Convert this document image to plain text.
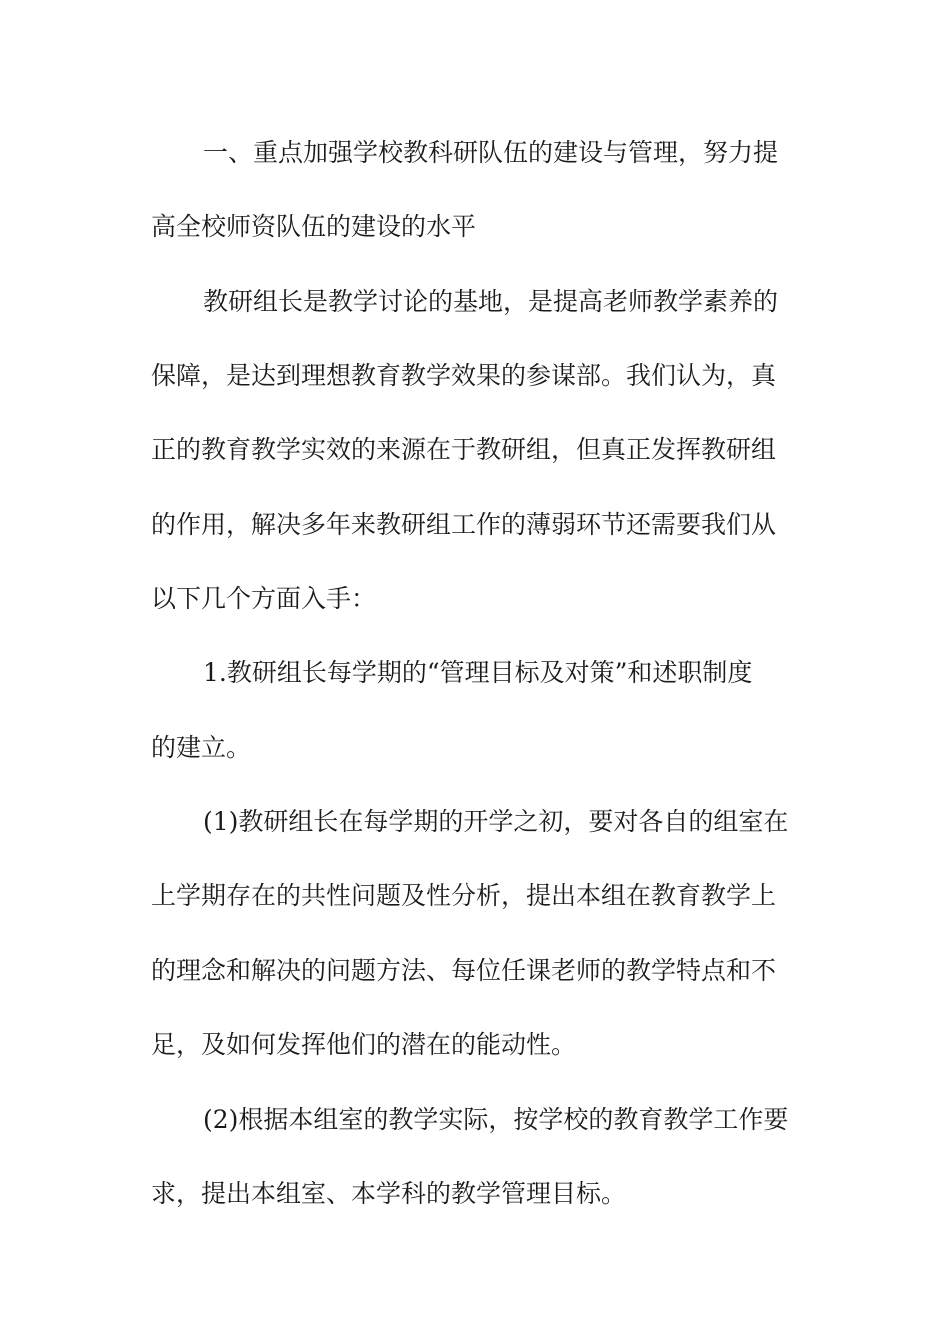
一、重点加强学校教科研队伍的建设与管理，努力提
高全校师资队伍的建设的水平
教研组长是教学讨论的基地，是提高老师教学素养的
保障，是达到理想教育教学效果的参谋部。我们认为，真
正的教育教学实效的来源在于教研组，但真正发挥教研组
的作用，解决多年来教研组工作的薄弱环节还需要我们从
以下几个方面入手：
1.教研组长每学期的“管理目标及对策”和述职制度
的建立。
(1)教研组长在每学期的开学之初，要对各自的组室在
上学期存在的共性问题及性分析，提出本组在教育教学上
的理念和解决的问题方法、每位任课老师的教学特点和不
足，及如何发挥他们的潜在的能动性。
(2)根据本组室的教学实际，按学校的教育教学工作要
求，提出本组室、本学科的教学管理目标。
